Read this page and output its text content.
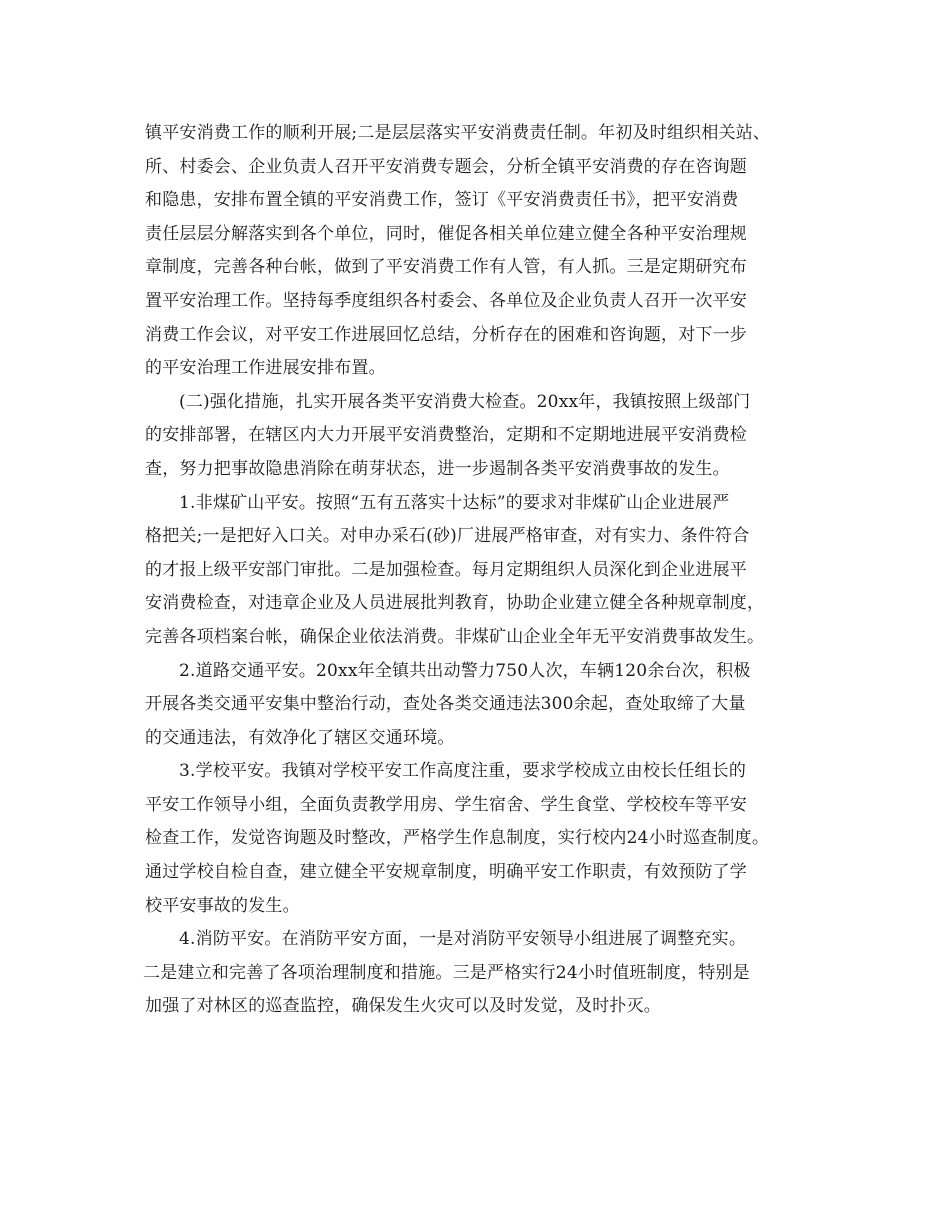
镇平安消费工作的顺利开展;二是层层落实平安消费责任制。年初及时组织相关站、
所、村委会、企业负责人召开平安消费专题会，分析全镇平安消费的存在咨询题
和隐患，安排布置全镇的平安消费工作，签订《平安消费责任书》，把平安消费
责任层层分解落实到各个单位，同时，催促各相关单位建立健全各种平安治理规
章制度，完善各种台帐，做到了平安消费工作有人管，有人抓。三是定期研究布
置平安治理工作。坚持每季度组织各村委会、各单位及企业负责人召开一次平安
消费工作会议，对平安工作进展回忆总结，分析存在的困难和咨询题，对下一步
的平安治理工作进展安排布置。
(二)强化措施，扎实开展各类平安消费大检查。20xx年，我镇按照上级部门
的安排部署，在辖区内大力开展平安消费整治，定期和不定期地进展平安消费检
查，努力把事故隐患消除在萌芽状态，进一步遏制各类平安消费事故的发生。
1.非煤矿山平安。按照“五有五落实十达标”的要求对非煤矿山企业进展严
格把关;一是把好入口关。对申办采石(砂)厂进展严格审查，对有实力、条件符合
的才报上级平安部门审批。二是加强检查。每月定期组织人员深化到企业进展平
安消费检查，对违章企业及人员进展批判教育，协助企业建立健全各种规章制度，
完善各项档案台帐，确保企业依法消费。非煤矿山企业全年无平安消费事故发生。
2.道路交通平安。20xx年全镇共出动警力750人次，车辆120余台次，积极
开展各类交通平安集中整治行动，查处各类交通违法300余起，查处取缔了大量
的交通违法，有效净化了辖区交通环境。
3.学校平安。我镇对学校平安工作高度注重，要求学校成立由校长任组长的
平安工作领导小组，全面负责教学用房、学生宿舍、学生食堂、学校校车等平安
检查工作，发觉咨询题及时整改，严格学生作息制度，实行校内24小时巡查制度。
通过学校自检自查，建立健全平安规章制度，明确平安工作职责，有效预防了学
校平安事故的发生。
4.消防平安。在消防平安方面，一是对消防平安领导小组进展了调整充实。
二是建立和完善了各项治理制度和措施。三是严格实行24小时值班制度，特别是
加强了对林区的巡查监控，确保发生火灾可以及时发觉，及时扑灭。
